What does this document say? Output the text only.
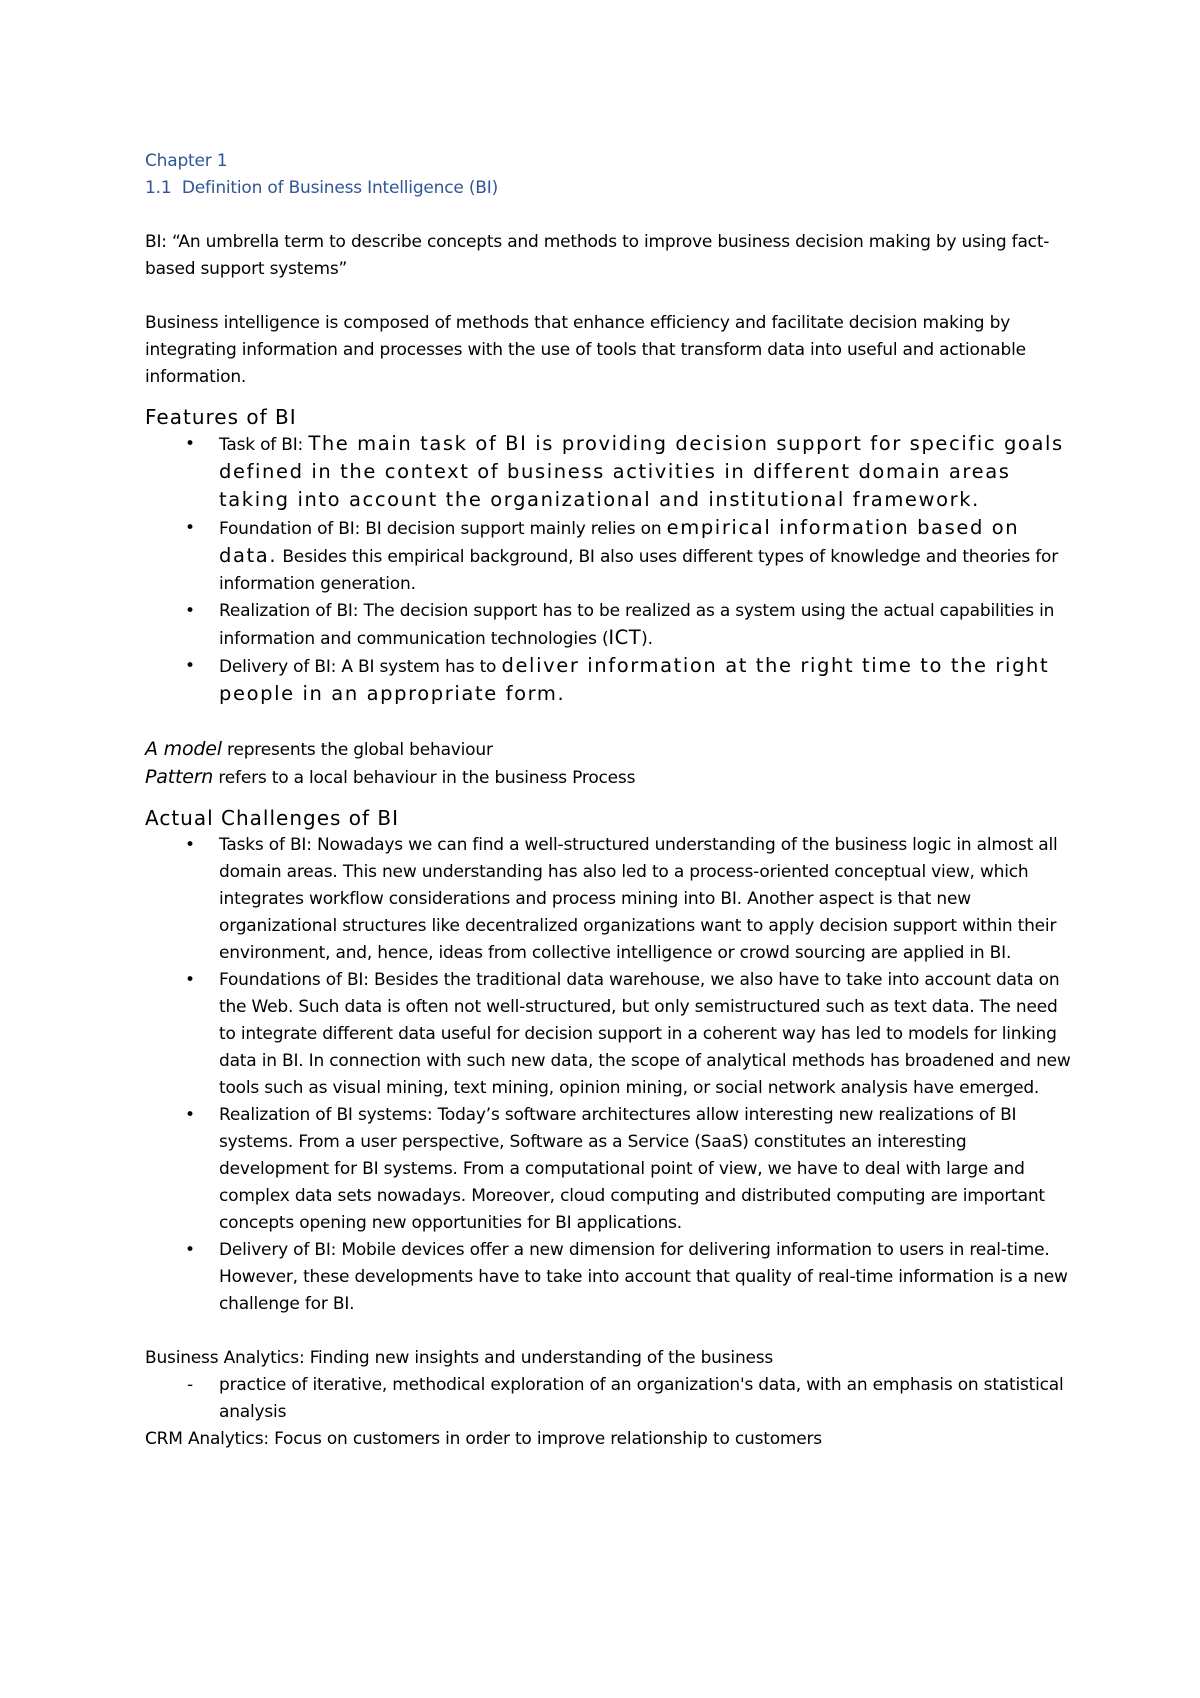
Chapter 1

1.1 Definition of Business Intelligence (BI)

BI: “An umbrella term to describe concepts and methods to improve business decision making by using fact-based support systems”

Business intelligence is composed of methods that enhance efficiency and facilitate decision making by integrating information and processes with the use of tools that transform data into useful and actionable information.

Features of BI

• Task of BI: The main task of BI is providing decision support for specific goals defined in the context of business activities in different domain areas taking into account the organizational and institutional framework.
• Foundation of BI: BI decision support mainly relies on empirical information based on data. Besides this empirical background, BI also uses different types of knowledge and theories for information generation.
• Realization of BI: The decision support has to be realized as a system using the actual capabilities in information and communication technologies (ICT).
• Delivery of BI: A BI system has to deliver information at the right time to the right people in an appropriate form.

A model represents the global behaviour

Pattern refers to a local behaviour in the business Process

Actual Challenges of BI

• Tasks of BI: Nowadays we can find a well-structured understanding of the business logic in almost all domain areas. This new understanding has also led to a process-oriented conceptual view, which integrates workflow considerations and process mining into BI. Another aspect is that new organizational structures like decentralized organizations want to apply decision support within their environment, and, hence, ideas from collective intelligence or crowd sourcing are applied in BI.
• Foundations of BI: Besides the traditional data warehouse, we also have to take into account data on the Web. Such data is often not well-structured, but only semistructured such as text data. The need to integrate different data useful for decision support in a coherent way has led to models for linking data in BI. In connection with such new data, the scope of analytical methods has broadened and new tools such as visual mining, text mining, opinion mining, or social network analysis have emerged.
• Realization of BI systems: Today’s software architectures allow interesting new realizations of BI systems. From a user perspective, Software as a Service (SaaS) constitutes an interesting development for BI systems. From a computational point of view, we have to deal with large and complex data sets nowadays. Moreover, cloud computing and distributed computing are important concepts opening new opportunities for BI applications.
• Delivery of BI: Mobile devices offer a new dimension for delivering information to users in real-time. However, these developments have to take into account that quality of real-time information is a new challenge for BI.

Business Analytics: Finding new insights and understanding of the business

- practice of iterative, methodical exploration of an organization's data, with an emphasis on statistical analysis

CRM Analytics: Focus on customers in order to improve relationship to customers
